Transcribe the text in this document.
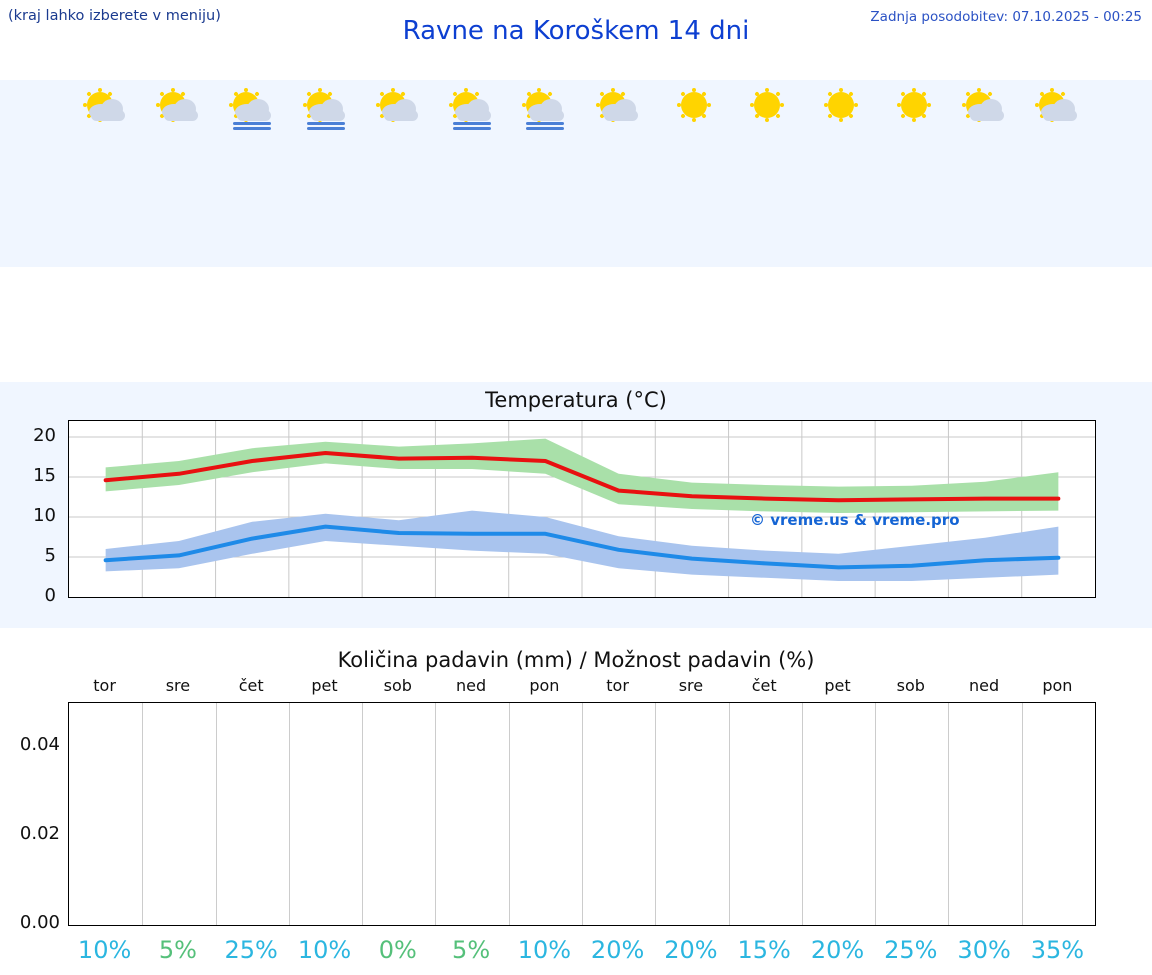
(kraj lahko izberete v meniju)	Ravne na Koroškem 14 dni	Zadnja posodobitev: 07.10.2025 - 00:25
Temperatura (°C)
0
5
10
15
20
© vreme.us & vreme.pro
Količina padavin (mm) / Možnost padavin (%)
tor	sre	čet	pet	sob	ned	pon	tor	sre	čet	pet	sob	ned	pon
0.00
0.02
0.04
10%	5%	25% 10%	0%	5%	10% 20% 20% 15% 20% 25% 30% 35%
